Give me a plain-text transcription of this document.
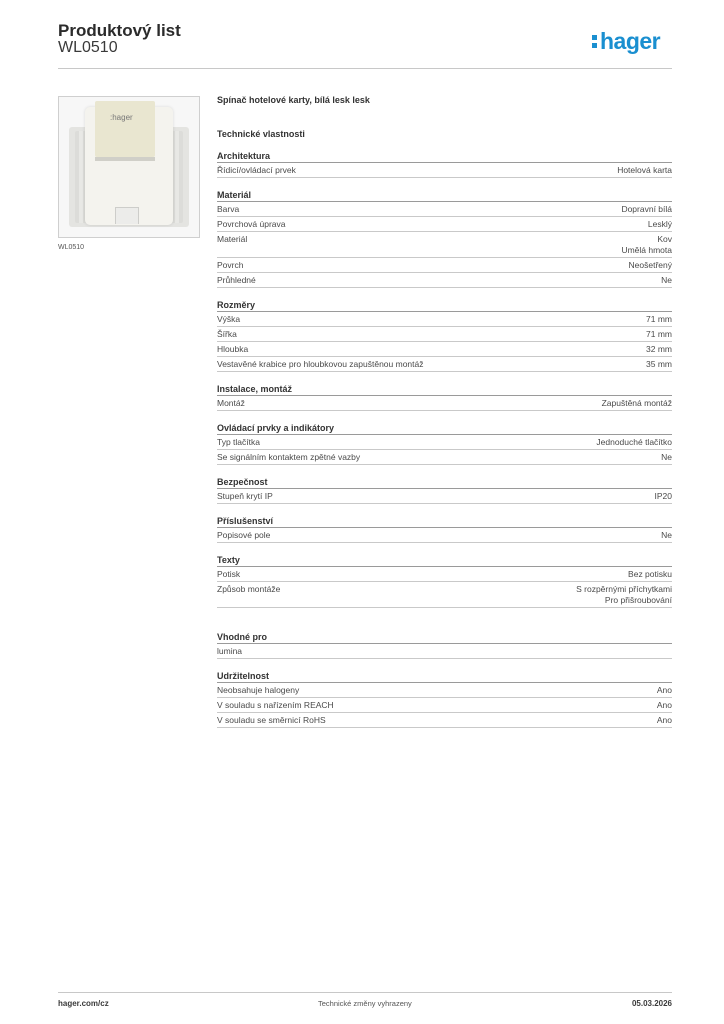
Produktový list
WL0510	hager
:hager
WL0510
Spínač hotelové karty, bílá lesk lesk
Technické vlastnosti
Architektura
Řídicí/ovládací prvek	Hotelová karta
Materiál
Barva	Dopravní bílá
Povrchová úprava	Lesklý
Materiál	Kov
Umělá hmota
Povrch	Neošetřený
Průhledné	Ne
Rozměry
Výška	71 mm
Šířka	71 mm
Hloubka	32 mm
Vestavěné krabice pro hloubkovou zapuštěnou montáž	35 mm
Instalace, montáž
Montáž	Zapuštěná montáž
Ovládací prvky a indikátory
Typ tlačítka	Jednoduché tlačítko
Se signálním kontaktem zpětné vazby	Ne
Bezpečnost
Stupeň krytí IP	IP20
Příslušenství
Popisové pole	Ne
Texty
Potisk	Bez potisku
Způsob montáže	S rozpěrnými příchytkami
Pro přišroubování
Vhodné pro
lumina
Udržitelnost
Neobsahuje halogeny	Ano
V souladu s nařízením REACH	Ano
V souladu se směrnicí RoHS	Ano
hager.com/cz	Technické změny vyhrazeny	05.03.2026
